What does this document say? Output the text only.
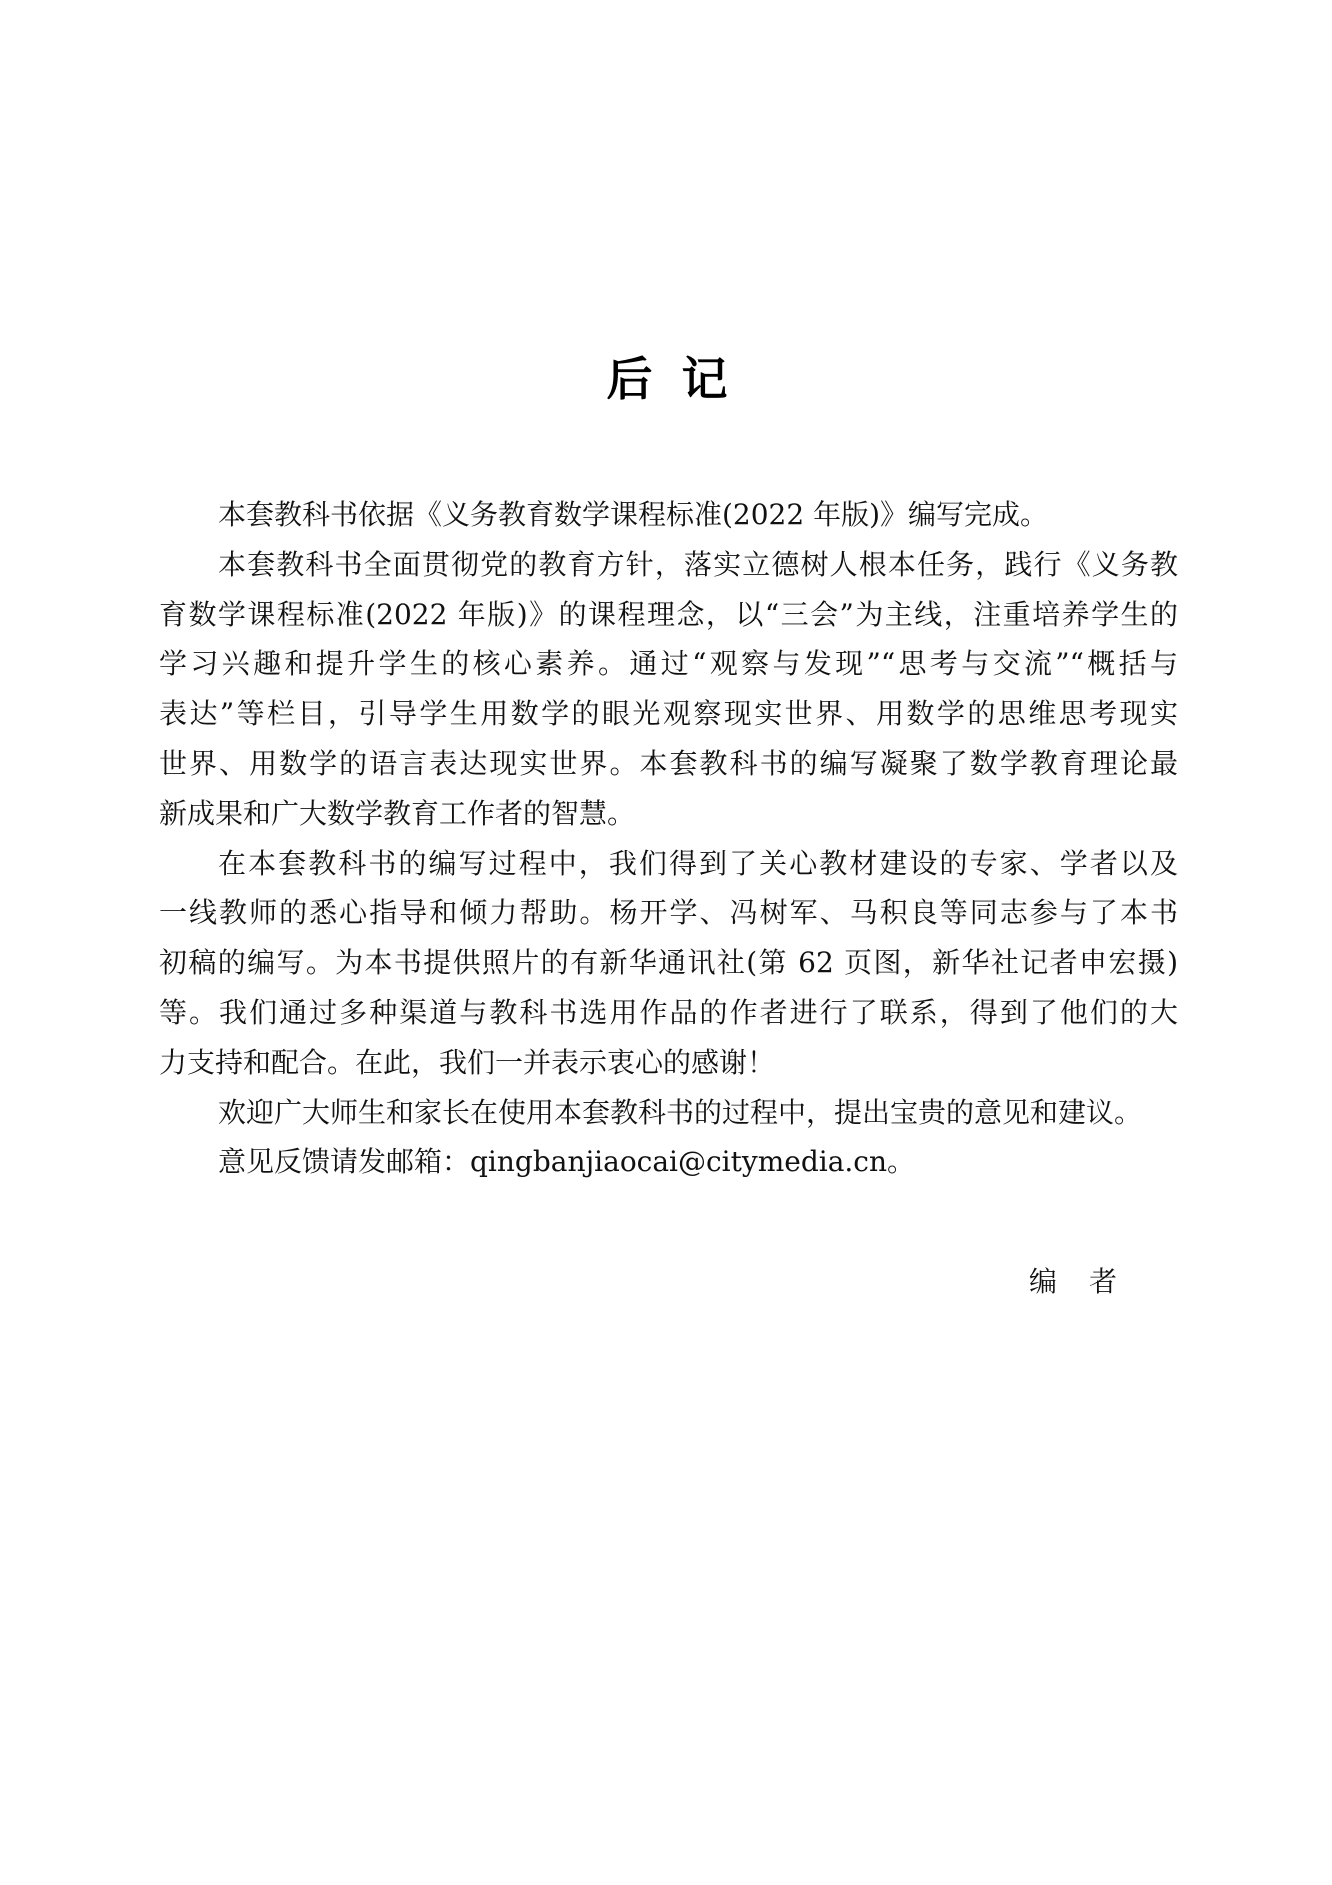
后记
本套教科书依据《义务教育数学课程标准(2022 年版)》编写完成。
本套教科书全面贯彻党的教育方针，落实立德树人根本任务，践行《义务教
育数学课程标准(2022 年版)》的课程理念，以“三会”为主线，注重培养学生的
学习兴趣和提升学生的核心素养。通过“观察与发现”“思考与交流”“概括与
表达”等栏目，引导学生用数学的眼光观察现实世界、用数学的思维思考现实
世界、用数学的语言表达现实世界。本套教科书的编写凝聚了数学教育理论最
新成果和广大数学教育工作者的智慧。
在本套教科书的编写过程中，我们得到了关心教材建设的专家、学者以及
一线教师的悉心指导和倾力帮助。杨开学、冯树军、马积良等同志参与了本书
初稿的编写。为本书提供照片的有新华通讯社(第 62 页图，新华社记者申宏摄)
等。我们通过多种渠道与教科书选用作品的作者进行了联系，得到了他们的大
力支持和配合。在此，我们一并表示衷心的感谢！
欢迎广大师生和家长在使用本套教科书的过程中，提出宝贵的意见和建议。
意见反馈请发邮箱：qingbanjiaocai@citymedia.cn。
编者
